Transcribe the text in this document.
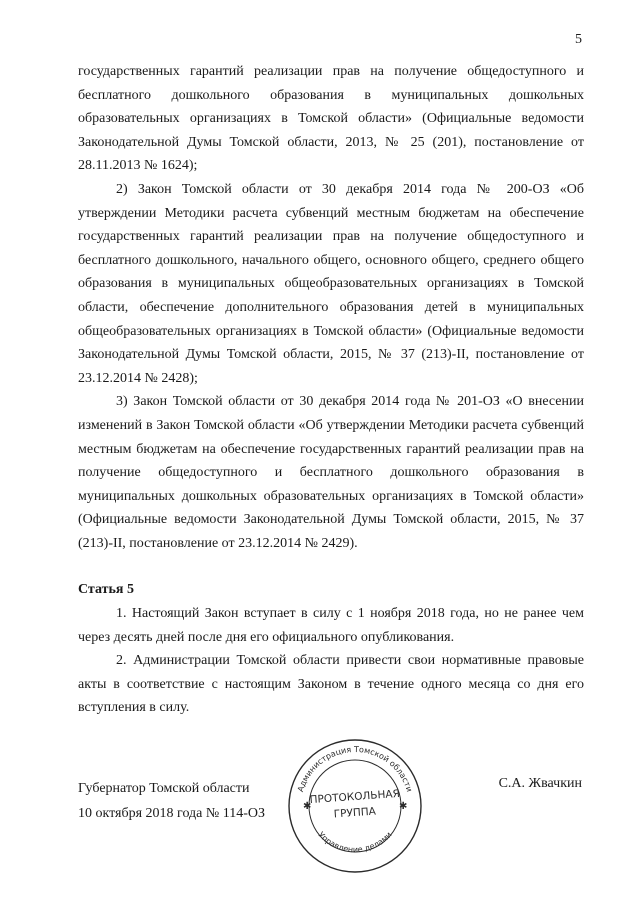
5

государственных гарантий реализации прав на получение общедоступного и бесплатного дошкольного образования в муниципальных дошкольных образовательных организациях в Томской области» (Официальные ведомости Законодательной Думы Томской области, 2013, № 25 (201), постановление от 28.11.2013 № 1624);

2) Закон Томской области от 30 декабря 2014 года № 200-ОЗ «Об утверждении Методики расчета субвенций местным бюджетам на обеспечение государственных гарантий реализации прав на получение общедоступного и бесплатного дошкольного, начального общего, основного общего, среднего общего образования в муниципальных общеобразовательных организациях в Томской области, обеспечение дополнительного образования детей в муниципальных общеобразовательных организациях в Томской области» (Официальные ведомости Законодательной Думы Томской области, 2015, № 37 (213)-II, постановление от 23.12.2014 № 2428);

3) Закон Томской области от 30 декабря 2014 года № 201-ОЗ «О внесении изменений в Закон Томской области «Об утверждении Методики расчета субвенций местным бюджетам на обеспечение государственных гарантий реализации прав на получение общедоступного и бесплатного дошкольного образования в муниципальных дошкольных образовательных организациях в Томской области» (Официальные ведомости Законодательной Думы Томской области, 2015, № 37 (213)-II, постановление от 23.12.2014 № 2429).

Статья 5

1. Настоящий Закон вступает в силу с 1 ноября 2018 года, но не ранее чем через десять дней после дня его официального опубликования.

2. Администрации Томской области привести свои нормативные правовые акты в соответствие с настоящим Законом в течение одного месяца со дня его вступления в силу.

Губернатор Томской области
10 октября 2018 года № 114-ОЗ
С.А. Жвачкин
Администрация Томской области
Управление делами
✱	✱
ПРОТОКОЛЬНАЯ
ГРУППА
